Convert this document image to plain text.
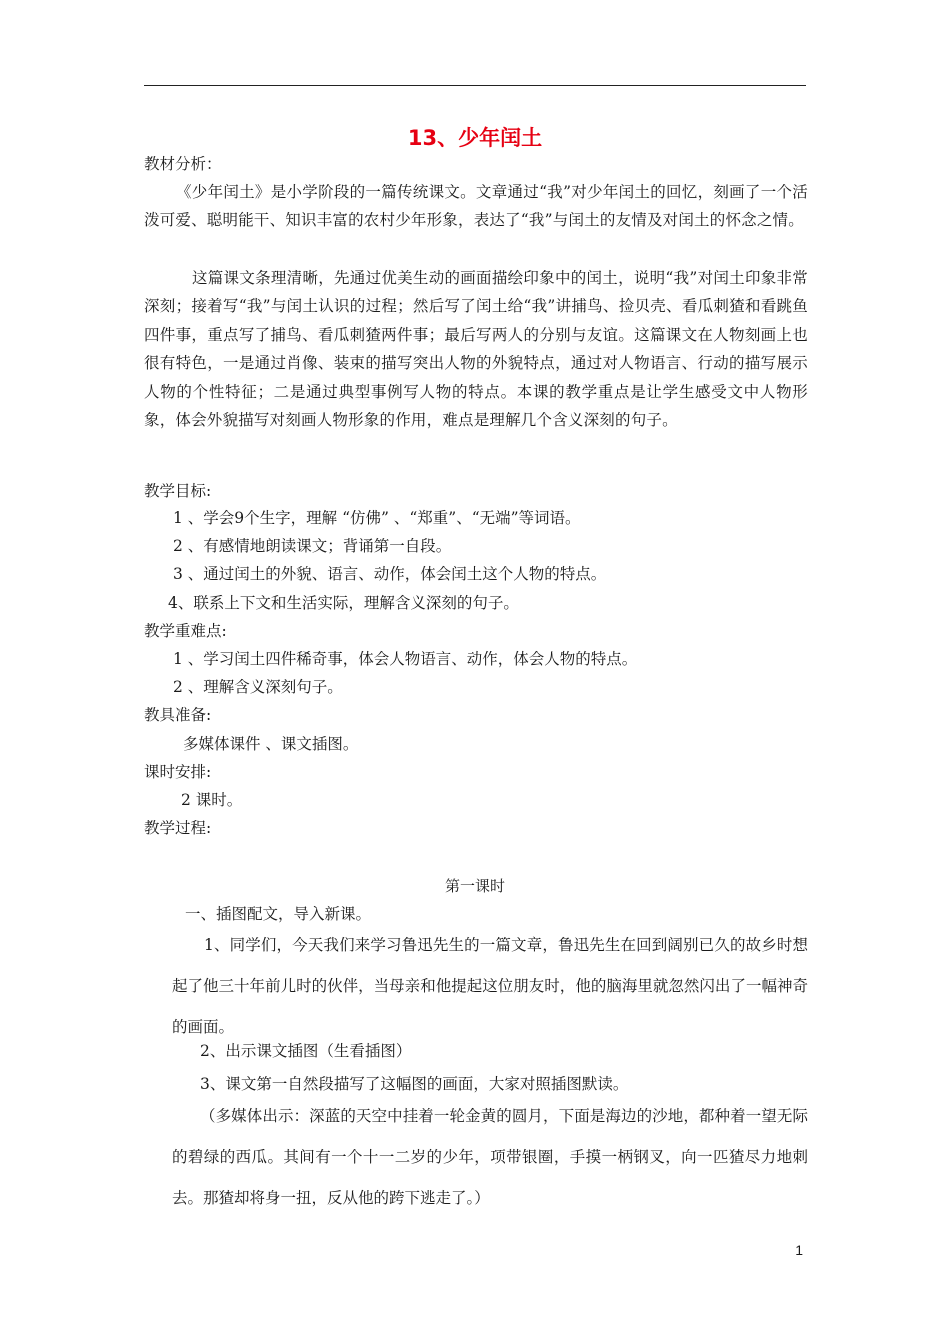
13、少年闰土
教材分析：
《少年闰土》是小学阶段的一篇传统课文。文章通过“我”对少年闰土的回忆，刻画了一个活泼可爱、聪明能干、知识丰富的农村少年形象，表达了“我”与闰土的友情及对闰土的怀念之情。
这篇课文条理清晰，先通过优美生动的画面描绘印象中的闰土，说明“我”对闰土印象非常深刻；接着写“我”与闰土认识的过程；然后写了闰土给“我”讲捕鸟、捡贝壳、看瓜刺猹和看跳鱼四件事，重点写了捕鸟、看瓜刺猹两件事；最后写两人的分别与友谊。这篇课文在人物刻画上也很有特色，一是通过肖像、装束的描写突出人物的外貌特点，通过对人物语言、行动的描写展示人物的个性特征；二是通过典型事例写人物的特点。本课的教学重点是让学生感受文中人物形象，体会外貌描写对刻画人物形象的作用，难点是理解几个含义深刻的句子。
教学目标:
1 、学会9个生字，理解 “仿佛” 、“郑重”、“无端”等词语。
2 、有感情地朗读课文；背诵第一自段。
3 、通过闰土的外貌、语言、动作，体会闰土这个人物的特点。
4、联系上下文和生活实际，理解含义深刻的句子。
教学重难点:
1 、学习闰土四件稀奇事，体会人物语言、动作，体会人物的特点。
2 、理解含义深刻句子。
教具准备:
多媒体课件 、课文插图。
课时安排:
2 课时。
教学过程:
第一课时
一、插图配文，导入新课。
1、同学们，今天我们来学习鲁迅先生的一篇文章，鲁迅先生在回到阔别已久的故乡时想起了他三十年前儿时的伙伴，当母亲和他提起这位朋友时，他的脑海里就忽然闪出了一幅神奇的画面。
2、出示课文插图（生看插图）
3、课文第一自然段描写了这幅图的画面，大家对照插图默读。
（多媒体出示：深蓝的天空中挂着一轮金黄的圆月，下面是海边的沙地，都种着一望无际的碧绿的西瓜。其间有一个十一二岁的少年，项带银圈，手摸一柄钢叉，向一匹猹尽力地刺去。那猹却将身一扭，反从他的跨下逃走了。）
1
